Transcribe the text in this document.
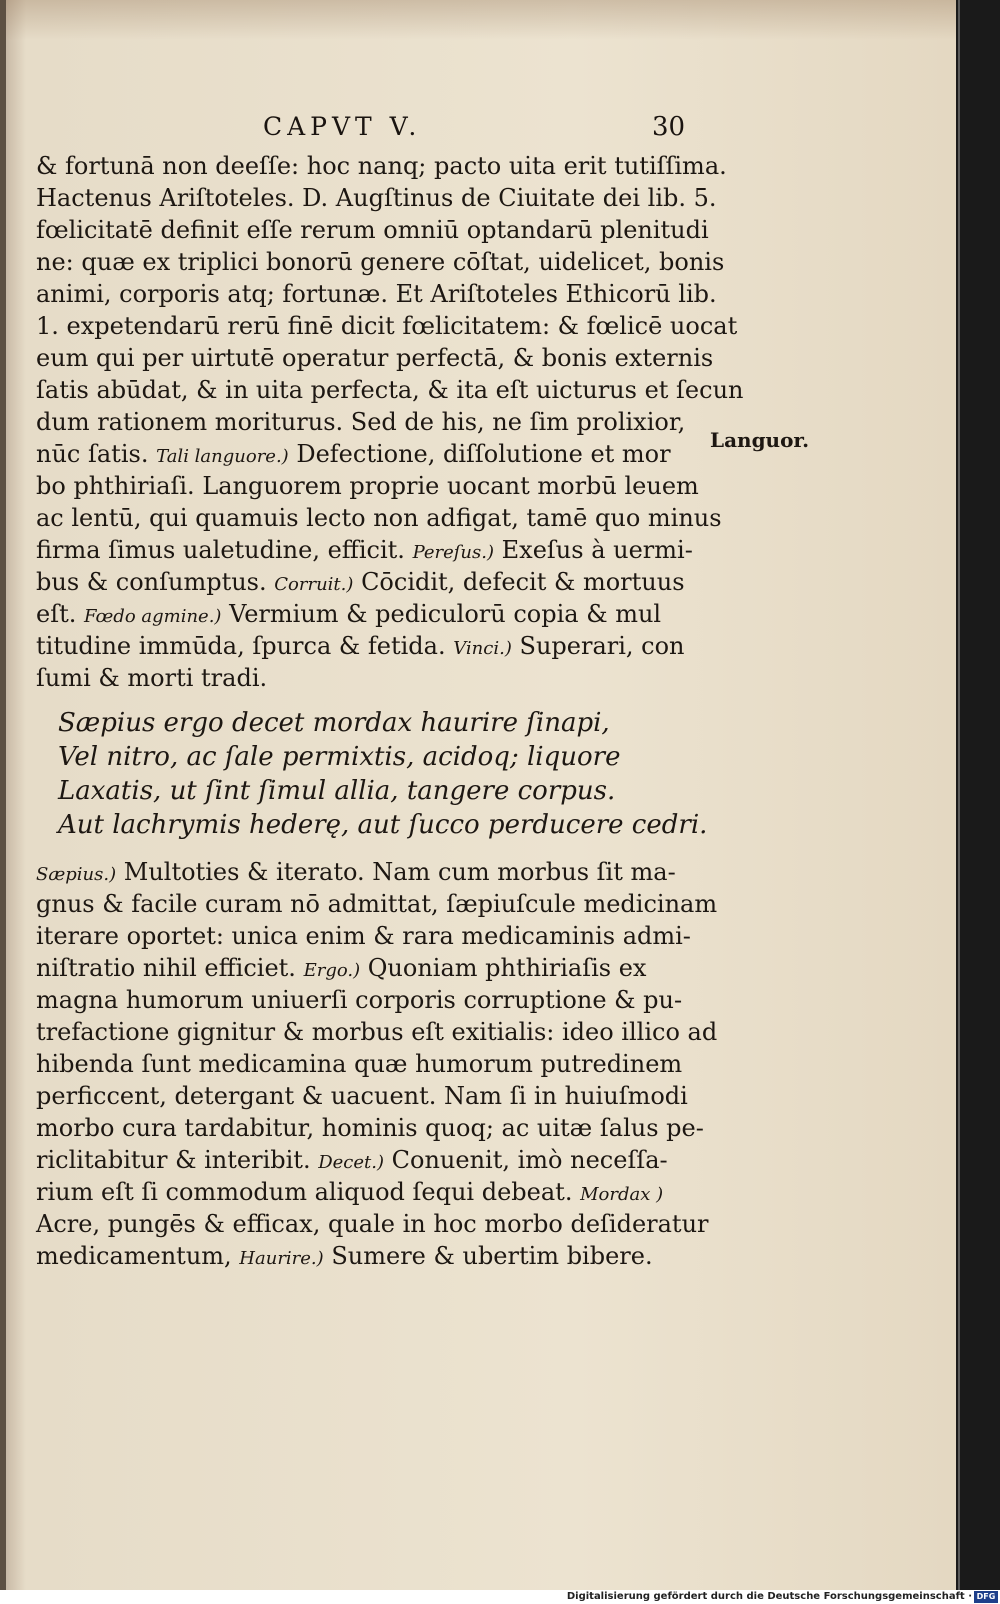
CAPVT V.	30
& fortunā non deeſſe: hoc nanq; pacto uita erit tutiſſima.
Hactenus Ariſtoteles. D. Augſtinus de Ciuitate dei lib. 5.
fœlicitatē definit eſſe rerum omniū optandarū plenitudi
ne: quæ ex triplici bonorū genere cōſtat, uidelicet, bonis
animi, corporis atq; fortunæ. Et Ariſtoteles Ethicorū lib.
1. expetendarū rerū finē dicit fœlicitatem: & fœlicē uocat
eum qui per uirtutē operatur perfectā, & bonis externis
ſatis abūdat, & in uita perfecta, & ita eſt uicturus et ſecun
dum rationem moriturus. Sed de his, ne ſim prolixior,
nūc ſatis. Tali languore.) Defectione, diſſolutione et mor Languor.
bo phthiriaſi. Languorem proprie uocant morbū leuem
ac lentū, qui quamuis lecto non adfigat, tamē quo minus
firma ſimus ualetudine, efficit. Pereſus.) Exeſus à uermi-
bus & conſumptus. Corruit.) Cōcidit, defecit & mortuus
eſt. Fœdo agmine.) Vermium & pediculorū copia & mul
titudine immūda, ſpurca & fetida. Vinci.) Superari, con
ſumi & morti tradi.
Sæpius ergo decet mordax haurire ſinapi,
Vel nitro, ac ſale permixtis, acidoq; liquore
Laxatis, ut ſint ſimul allia, tangere corpus.
Aut lachrymis hederę, aut ſucco perducere cedri.
Sæpius.) Multoties & iterato. Nam cum morbus ſit ma-
gnus & facile curam nō admittat, ſæpiuſcule medicinam
iterare oportet: unica enim & rara medicaminis admi-
niſtratio nihil efficiet. Ergo.) Quoniam phthiriaſis ex
magna humorum uniuerſi corporis corruptione & pu-
trefactione gignitur & morbus eſt exitialis: ideo illico ad
hibenda ſunt medicamina quæ humorum putredinem
perficcent, detergant & uacuent. Nam ſi in huiuſmodi
morbo cura tardabitur, hominis quoq; ac uitæ ſalus pe-
riclitabitur & interibit. Decet.) Conuenit, imò neceſſa-
rium eſt ſi commodum aliquod ſequi debeat. Mordax )
Acre, pungēs & efficax, quale in hoc morbo deſideratur
medicamentum, Haurire.) Sumere & ubertim bibere.
Digitalisierung gefördert durch die Deutsche Forschungsgemeinschaft · DFG
